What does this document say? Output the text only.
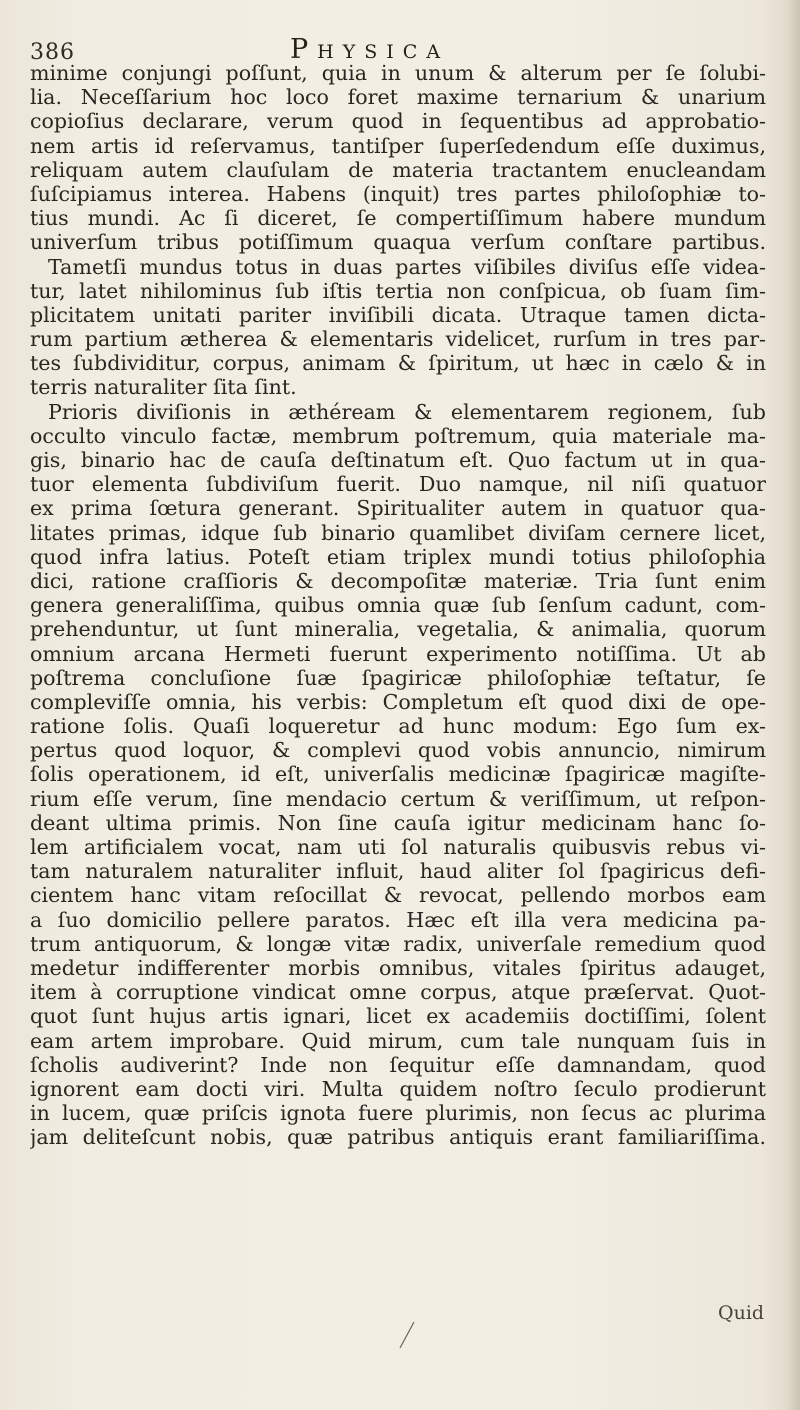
386	Physica
minime conjungi poſſunt, quia in unum & alterum per ſe ſolubi-
lia. Neceſſarium hoc loco foret maxime ternarium & unarium
copioſius declarare, verum quod in ſequentibus ad approbatio-
nem artis id reſervamus, tantiſper ſuperſedendum eſſe duximus,
reliquam autem clauſulam de materia tractantem enucleandam
ſuſcipiamus interea. Habens (inquit) tres partes philoſophiæ to-
tius mundi. Ac ſi diceret, ſe compertiſſimum habere mundum
univerſum tribus potiſſimum quaqua verſum conſtare partibus.
Tametſi mundus totus in duas partes viſibiles diviſus eſſe videa-
tur, latet nihilominus ſub iſtis tertia non conſpicua, ob ſuam ſim-
plicitatem unitati pariter inviſibili dicata. Utraque tamen dicta-
rum partium ætherea & elementaris videlicet, rurſum in tres par-
tes ſubdividitur, corpus, animam & ſpiritum, ut hæc in cælo & in
terris naturaliter ſita ſint.
Prioris diviſionis in æthéream & elementarem regionem, ſub
occulto vinculo factæ, membrum poſtremum, quia materiale ma-
gis, binario hac de cauſa deſtinatum eſt. Quo factum ut in qua-
tuor elementa ſubdiviſum fuerit. Duo namque, nil niſi quatuor
ex prima ſœtura generant. Spiritualiter autem in quatuor qua-
litates primas, idque ſub binario quamlibet diviſam cernere licet,
quod infra latius. Poteſt etiam triplex mundi totius philoſophia
dici, ratione craſſioris & decompoſitæ materiæ. Tria ſunt enim
genera generaliſſima, quibus omnia quæ ſub ſenſum cadunt, com-
prehenduntur, ut ſunt mineralia, vegetalia, & animalia, quorum
omnium arcana Hermeti fuerunt experimento notiſſima. Ut ab
poſtrema concluſione ſuæ ſpagiricæ philoſophiæ teſtatur, ſe
compleviſſe omnia, his verbis: Completum eſt quod dixi de ope-
ratione ſolis. Quaſi loqueretur ad hunc modum: Ego ſum ex-
pertus quod loquor, & complevi quod vobis annuncio, nimirum
ſolis operationem, id eſt, univerſalis medicinæ ſpagiricæ magiſte-
rium eſſe verum, ſine mendacio certum & veriſſimum, ut reſpon-
deant ultima primis. Non ſine cauſa igitur medicinam hanc ſo-
lem artificialem vocat, nam uti ſol naturalis quibusvis rebus vi-
tam naturalem naturaliter influit, haud aliter ſol ſpagiricus defi-
cientem hanc vitam reſocillat & revocat, pellendo morbos eam
a ſuo domicilio pellere paratos. Hæc eſt illa vera medicina pa-
trum antiquorum, & longæ vitæ radix, univerſale remedium quod
medetur indifferenter morbis omnibus, vitales ſpiritus adauget,
item à corruptione vindicat omne corpus, atque præſervat. Quot-
quot ſunt hujus artis ignari, licet ex academiis doctiſſimi, ſolent
eam artem improbare. Quid mirum, cum tale nunquam ſuis in
ſcholis audiverint? Inde non ſequitur eſſe damnandam, quod
ignorent eam docti viri. Multa quidem noſtro ſeculo prodierunt
in lucem, quæ priſcis ignota fuere plurimis, non ſecus ac plurima
jam deliteſcunt nobis, quæ patribus antiquis erant familiariſſima.
Quid
